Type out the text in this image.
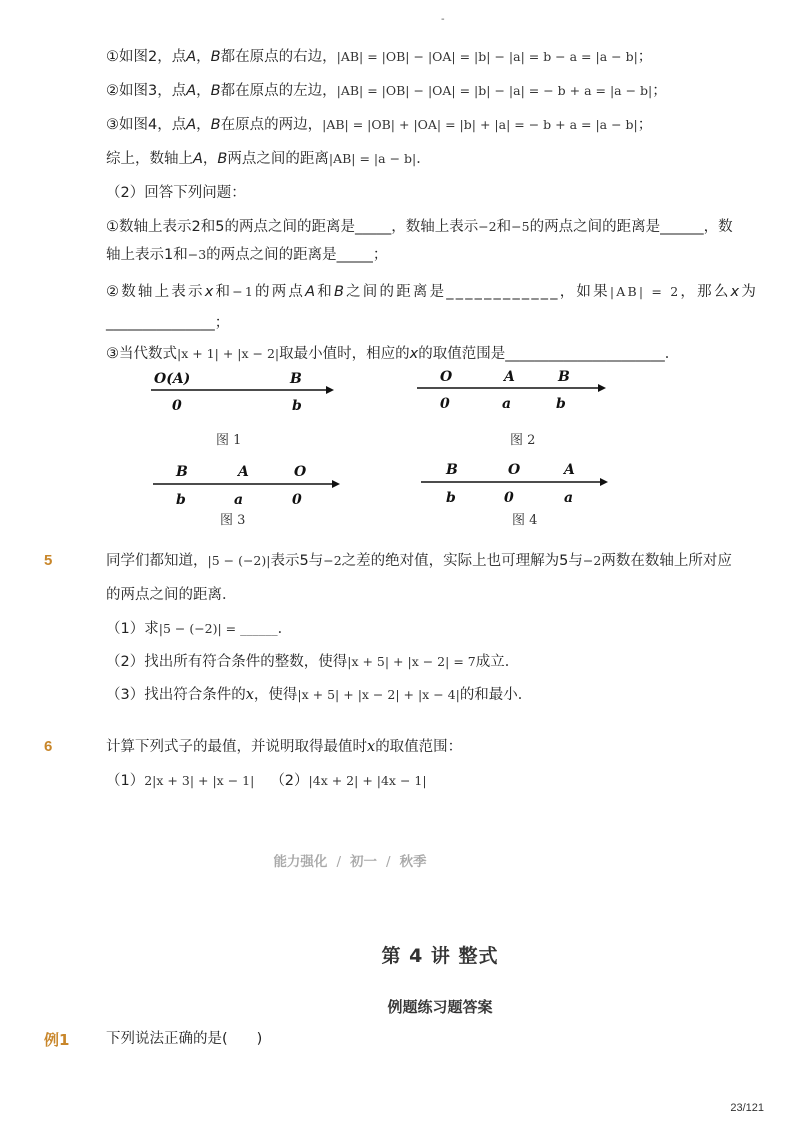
-
①如图2，点A，B都在原点的右边，|AB| = |OB| − |OA| = |b| − |a| = b − a = |a − b|；
②如图3，点A，B都在原点的左边，|AB| = |OB| − |OA| = |b| − |a| = − b + a = |a − b|；
③如图4，点A，B在原点的两边，|AB| = |OB| + |OA| = |b| + |a| = − b + a = |a − b|；
综上，数轴上A，B两点之间的距离|AB| = |a − b|．
（2）回答下列问题：
①数轴上表示2和5的两点之间的距离是_____，数轴上表示−2和−5的两点之间的距离是______，数
轴上表示1和−3的两点之间的距离是_____；
②数轴上表示x和−1的两点A和B之间的距离是____________，如果|AB| = 2，那么x为
_______________；
③当代数式|x + 1| + |x − 2|取最小值时，相应的x的取值范围是______________________．
O(A)	B
0	b
图 1
O	A	B
0	a	b
图 2
B	A	O
b	a	0
图 3
B	O	A
b	0	a
图 4
5	同学们都知道，|5 − (−2)|表示5与−2之差的绝对值，实际上也可理解为5与−2两数在数轴上所对应
的两点之间的距离．
（1）求|5 − (−2)| = ______．
（2）找出所有符合条件的整数，使得|x + 5| + |x − 2| = 7成立．
（3）找出符合条件的x，使得|x + 5| + |x − 2| + |x − 4|的和最小．
6	计算下列式子的最值，并说明取得最值时x的取值范围：
（1）2|x + 3| + |x − 1| （2）|4x + 2| + |4x − 1|
能力强化 / 初一 / 秋季
第 4 讲 整式
例题练习题答案
例1	下列说法正确的是(　　)
23/121
